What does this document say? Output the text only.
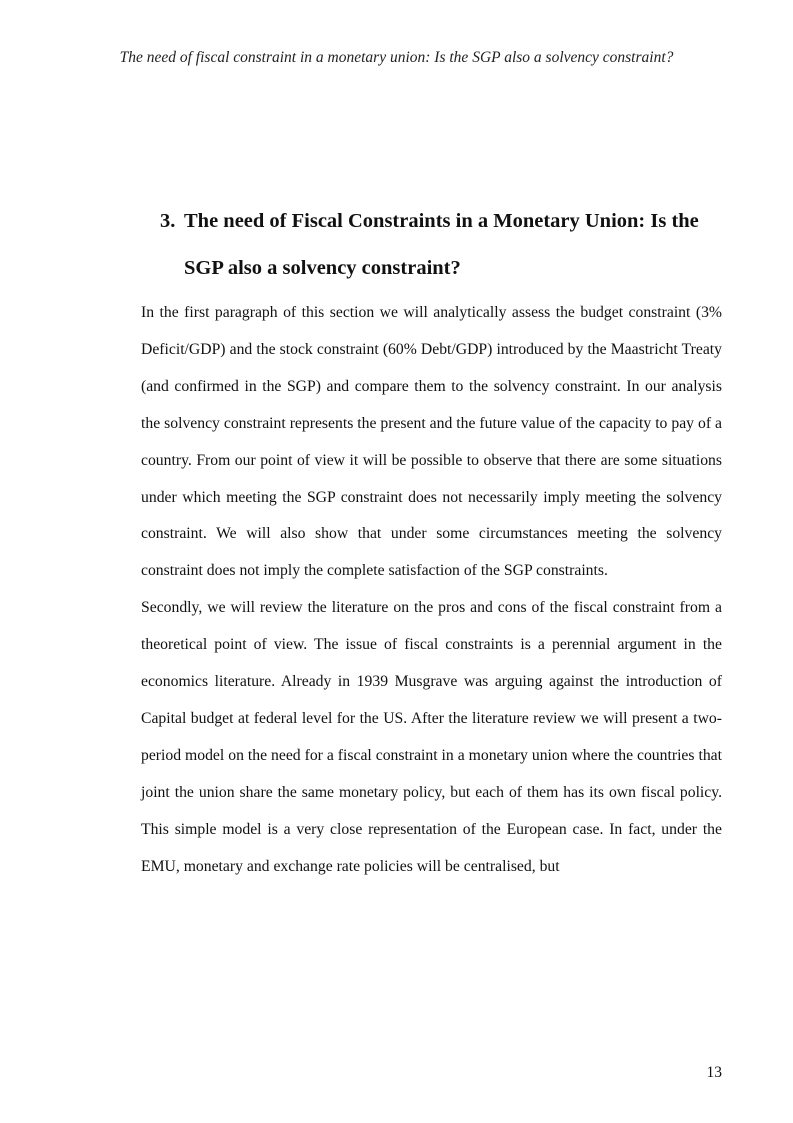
The need of fiscal constraint in a monetary union: Is the SGP also a solvency constraint?
3. The need of Fiscal Constraints in a Monetary Union: Is the
SGP also a solvency constraint?

In the first paragraph of this section we will analytically assess the budget constraint (3% Deficit/GDP) and the stock constraint (60% Debt/GDP) introduced by the Maastricht Treaty (and confirmed in the SGP) and compare them to the solvency constraint. In our analysis the solvency constraint represents the present and the future value of the capacity to pay of a country. From our point of view it will be possible to observe that there are some situations under which meeting the SGP constraint does not necessarily imply meeting the solvency constraint. We will also show that under some circumstances meeting the solvency constraint does not imply the complete satisfaction of the SGP constraints.

Secondly, we will review the literature on the pros and cons of the fiscal constraint from a theoretical point of view. The issue of fiscal constraints is a perennial argument in the economics literature. Already in 1939 Musgrave was arguing against the introduction of Capital budget at federal level for the US. After the literature review we will present a two-period model on the need for a fiscal constraint in a monetary union where the countries that joint the union share the same monetary policy, but each of them has its own fiscal policy. This simple model is a very close representation of the European case. In fact, under the EMU, monetary and exchange rate policies will be centralised, but

13
